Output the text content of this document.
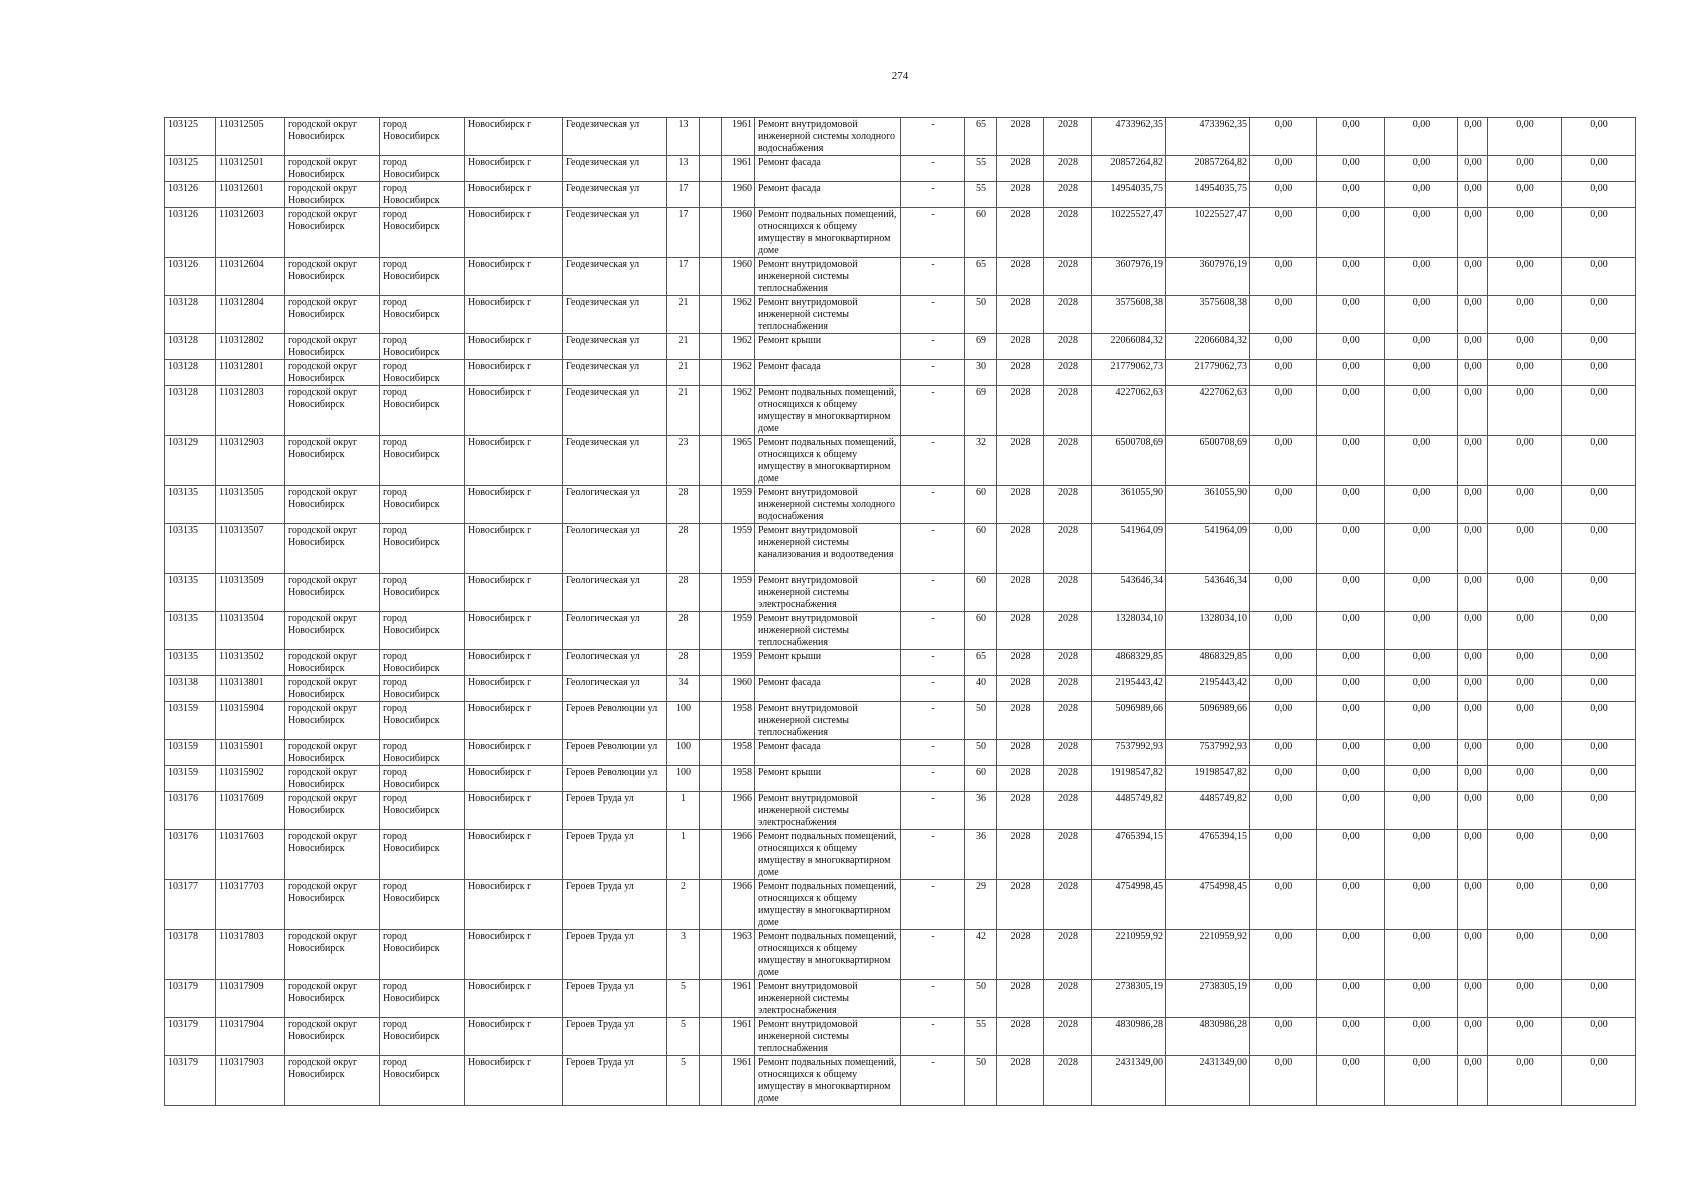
274
103125	110312505	городской округ Новосибирск	город Новосибирск	Новосибирск г	Геодезическая ул	13		1961	Ремонт внутридомовой инженерной системы холодного водоснабжения	-	65	2028	2028	4733962,35	4733962,35	0,00	0,00	0,00	0,00	0,00	0,00
103125	110312501	городской округ Новосибирск	город Новосибирск	Новосибирск г	Геодезическая ул	13		1961	Ремонт фасада	-	55	2028	2028	20857264,82	20857264,82	0,00	0,00	0,00	0,00	0,00	0,00
103126	110312601	городской округ Новосибирск	город Новосибирск	Новосибирск г	Геодезическая ул	17		1960	Ремонт фасада	-	55	2028	2028	14954035,75	14954035,75	0,00	0,00	0,00	0,00	0,00	0,00
103126	110312603	городской округ Новосибирск	город Новосибирск	Новосибирск г	Геодезическая ул	17		1960	Ремонт подвальных помещений, относящихся к общему имуществу в многоквартирном доме	-	60	2028	2028	10225527,47	10225527,47	0,00	0,00	0,00	0,00	0,00	0,00
103126	110312604	городской округ Новосибирск	город Новосибирск	Новосибирск г	Геодезическая ул	17		1960	Ремонт внутридомовой инженерной системы теплоснабжения	-	65	2028	2028	3607976,19	3607976,19	0,00	0,00	0,00	0,00	0,00	0,00
103128	110312804	городской округ Новосибирск	город Новосибирск	Новосибирск г	Геодезическая ул	21		1962	Ремонт внутридомовой инженерной системы теплоснабжения	-	50	2028	2028	3575608,38	3575608,38	0,00	0,00	0,00	0,00	0,00	0,00
103128	110312802	городской округ Новосибирск	город Новосибирск	Новосибирск г	Геодезическая ул	21		1962	Ремонт крыши	-	69	2028	2028	22066084,32	22066084,32	0,00	0,00	0,00	0,00	0,00	0,00
103128	110312801	городской округ Новосибирск	город Новосибирск	Новосибирск г	Геодезическая ул	21		1962	Ремонт фасада	-	30	2028	2028	21779062,73	21779062,73	0,00	0,00	0,00	0,00	0,00	0,00
103128	110312803	городской округ Новосибирск	город Новосибирск	Новосибирск г	Геодезическая ул	21		1962	Ремонт подвальных помещений, относящихся к общему имуществу в многоквартирном доме	-	69	2028	2028	4227062,63	4227062,63	0,00	0,00	0,00	0,00	0,00	0,00
103129	110312903	городской округ Новосибирск	город Новосибирск	Новосибирск г	Геодезическая ул	23		1965	Ремонт подвальных помещений, относящихся к общему имуществу в многоквартирном доме	-	32	2028	2028	6500708,69	6500708,69	0,00	0,00	0,00	0,00	0,00	0,00
103135	110313505	городской округ Новосибирск	город Новосибирск	Новосибирск г	Геологическая ул	28		1959	Ремонт внутридомовой инженерной системы холодного водоснабжения	-	60	2028	2028	361055,90	361055,90	0,00	0,00	0,00	0,00	0,00	0,00
103135	110313507	городской округ Новосибирск	город Новосибирск	Новосибирск г	Геологическая ул	28		1959	Ремонт внутридомовой инженерной системы канализования и водоотведения	-	60	2028	2028	541964,09	541964,09	0,00	0,00	0,00	0,00	0,00	0,00
103135	110313509	городской округ Новосибирск	город Новосибирск	Новосибирск г	Геологическая ул	28		1959	Ремонт внутридомовой инженерной системы электроснабжения	-	60	2028	2028	543646,34	543646,34	0,00	0,00	0,00	0,00	0,00	0,00
103135	110313504	городской округ Новосибирск	город Новосибирск	Новосибирск г	Геологическая ул	28		1959	Ремонт внутридомовой инженерной системы теплоснабжения	-	60	2028	2028	1328034,10	1328034,10	0,00	0,00	0,00	0,00	0,00	0,00
103135	110313502	городской округ Новосибирск	город Новосибирск	Новосибирск г	Геологическая ул	28		1959	Ремонт крыши	-	65	2028	2028	4868329,85	4868329,85	0,00	0,00	0,00	0,00	0,00	0,00
103138	110313801	городской округ Новосибирск	город Новосибирск	Новосибирск г	Геологическая ул	34		1960	Ремонт фасада	-	40	2028	2028	2195443,42	2195443,42	0,00	0,00	0,00	0,00	0,00	0,00
103159	110315904	городской округ Новосибирск	город Новосибирск	Новосибирск г	Героев Революции ул	100		1958	Ремонт внутридомовой инженерной системы теплоснабжения	-	50	2028	2028	5096989,66	5096989,66	0,00	0,00	0,00	0,00	0,00	0,00
103159	110315901	городской округ Новосибирск	город Новосибирск	Новосибирск г	Героев Революции ул	100		1958	Ремонт фасада	-	50	2028	2028	7537992,93	7537992,93	0,00	0,00	0,00	0,00	0,00	0,00
103159	110315902	городской округ Новосибирск	город Новосибирск	Новосибирск г	Героев Революции ул	100		1958	Ремонт крыши	-	60	2028	2028	19198547,82	19198547,82	0,00	0,00	0,00	0,00	0,00	0,00
103176	110317609	городской округ Новосибирск	город Новосибирск	Новосибирск г	Героев Труда ул	1		1966	Ремонт внутридомовой инженерной системы электроснабжения	-	36	2028	2028	4485749,82	4485749,82	0,00	0,00	0,00	0,00	0,00	0,00
103176	110317603	городской округ Новосибирск	город Новосибирск	Новосибирск г	Героев Труда ул	1		1966	Ремонт подвальных помещений, относящихся к общему имуществу в многоквартирном доме	-	36	2028	2028	4765394,15	4765394,15	0,00	0,00	0,00	0,00	0,00	0,00
103177	110317703	городской округ Новосибирск	город Новосибирск	Новосибирск г	Героев Труда ул	2		1966	Ремонт подвальных помещений, относящихся к общему имуществу в многоквартирном доме	-	29	2028	2028	4754998,45	4754998,45	0,00	0,00	0,00	0,00	0,00	0,00
103178	110317803	городской округ Новосибирск	город Новосибирск	Новосибирск г	Героев Труда ул	3		1963	Ремонт подвальных помещений, относящихся к общему имуществу в многоквартирном доме	-	42	2028	2028	2210959,92	2210959,92	0,00	0,00	0,00	0,00	0,00	0,00
103179	110317909	городской округ Новосибирск	город Новосибирск	Новосибирск г	Героев Труда ул	5		1961	Ремонт внутридомовой инженерной системы электроснабжения	-	50	2028	2028	2738305,19	2738305,19	0,00	0,00	0,00	0,00	0,00	0,00
103179	110317904	городской округ Новосибирск	город Новосибирск	Новосибирск г	Героев Труда ул	5		1961	Ремонт внутридомовой инженерной системы теплоснабжения	-	55	2028	2028	4830986,28	4830986,28	0,00	0,00	0,00	0,00	0,00	0,00
103179	110317903	городской округ Новосибирск	город Новосибирск	Новосибирск г	Героев Труда ул	5		1961	Ремонт подвальных помещений, относящихся к общему имуществу в многоквартирном доме	-	50	2028	2028	2431349,00	2431349,00	0,00	0,00	0,00	0,00	0,00	0,00
